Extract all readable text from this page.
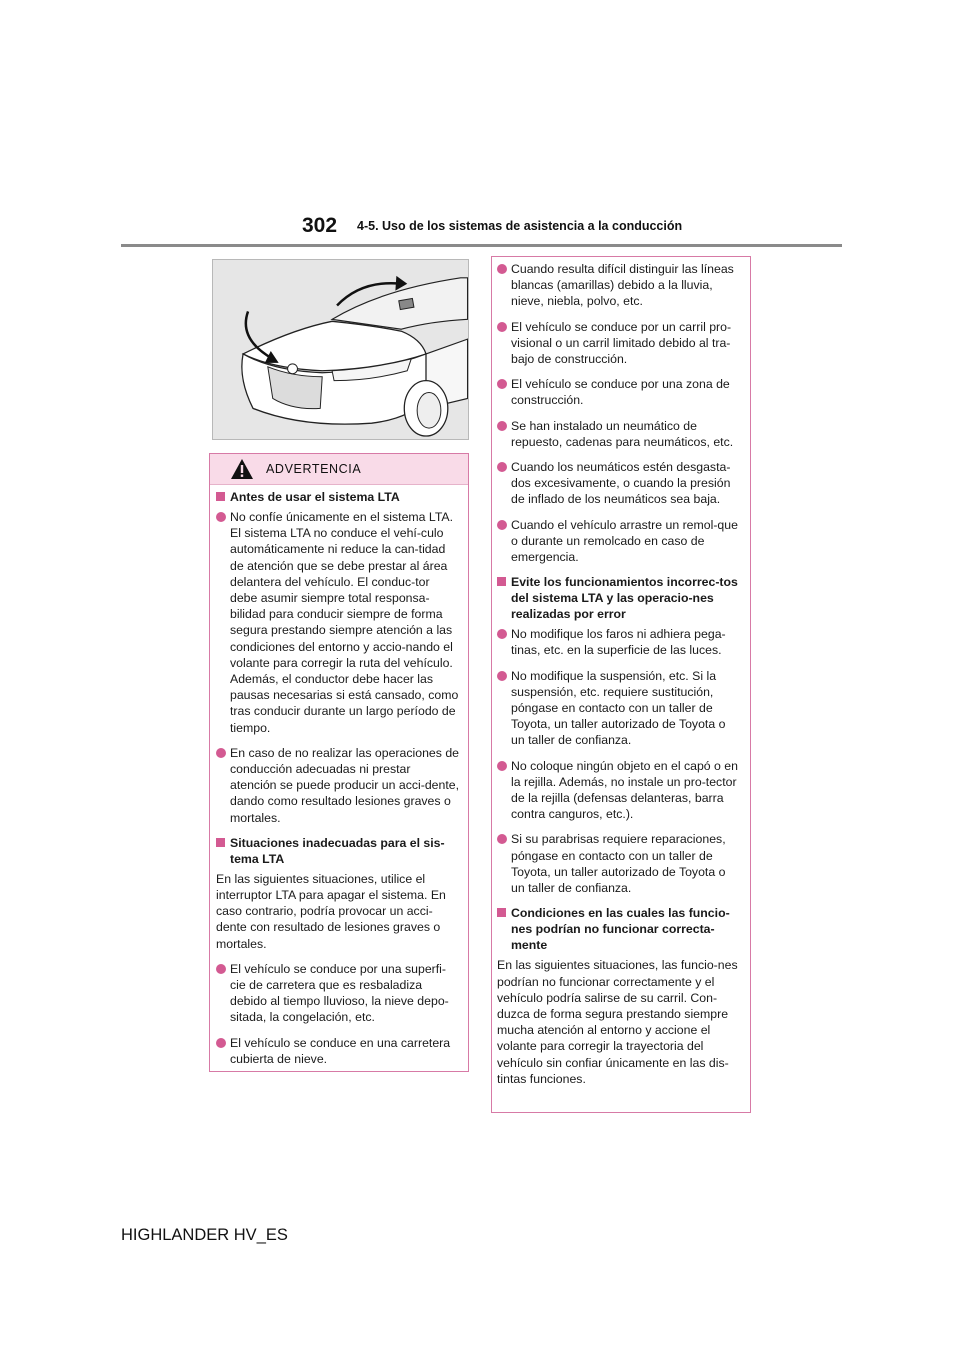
302 4-5. Uso de los sistemas de asistencia a la conducción
ADVERTENCIA
Antes de usar el sistema LTA
No confíe únicamente en el sistema LTA. El sistema LTA no conduce el vehí-culo automáticamente ni reduce la can-tidad de atención que se debe prestar al área delantera del vehículo. El conduc-tor debe asumir siempre total responsa-bilidad para conducir siempre de forma segura prestando siempre atención a las condiciones del entorno y accio-nando el volante para corregir la ruta del vehículo. Además, el conductor debe hacer las pausas necesarias si está cansado, como tras conducir durante un largo período de tiempo.
En caso de no realizar las operaciones de conducción adecuadas ni prestar atención se puede producir un acci-dente, dando como resultado lesiones graves o mortales.
Situaciones inadecuadas para el sis-tema LTA
En las siguientes situaciones, utilice el interruptor LTA para apagar el sistema. En caso contrario, podría provocar un acci-dente con resultado de lesiones graves o mortales.
El vehículo se conduce por una superfi-cie de carretera que es resbaladiza debido al tiempo lluvioso, la nieve depo-sitada, la congelación, etc.
El vehículo se conduce en una carretera cubierta de nieve.
Cuando resulta difícil distinguir las líneas blancas (amarillas) debido a la lluvia, nieve, niebla, polvo, etc.
El vehículo se conduce por un carril pro-visional o un carril limitado debido al tra-bajo de construcción.
El vehículo se conduce por una zona de construcción.
Se han instalado un neumático de repuesto, cadenas para neumáticos, etc.
Cuando los neumáticos estén desgasta-dos excesivamente, o cuando la presión de inflado de los neumáticos sea baja.
Cuando el vehículo arrastre un remol-que o durante un remolcado en caso de emergencia.
Evite los funcionamientos incorrec-tos del sistema LTA y las operacio-nes realizadas por error
No modifique los faros ni adhiera pega-tinas, etc. en la superficie de las luces.
No modifique la suspensión, etc. Si la suspensión, etc. requiere sustitución, póngase en contacto con un taller de Toyota, un taller autorizado de Toyota o un taller de confianza.
No coloque ningún objeto en el capó o en la rejilla. Además, no instale un pro-tector de la rejilla (defensas delanteras, barra contra canguros, etc.).
Si su parabrisas requiere reparaciones, póngase en contacto con un taller de Toyota, un taller autorizado de Toyota o un taller de confianza.
Condiciones en las cuales las funcio-nes podrían no funcionar correcta-mente
En las siguientes situaciones, las funcio-nes podrían no funcionar correctamente y el vehículo podría salirse de su carril. Con-duzca de forma segura prestando siempre mucha atención al entorno y accione el volante para corregir la trayectoria del vehículo sin confiar únicamente en las dis-tintas funciones.
HIGHLANDER HV_ES
